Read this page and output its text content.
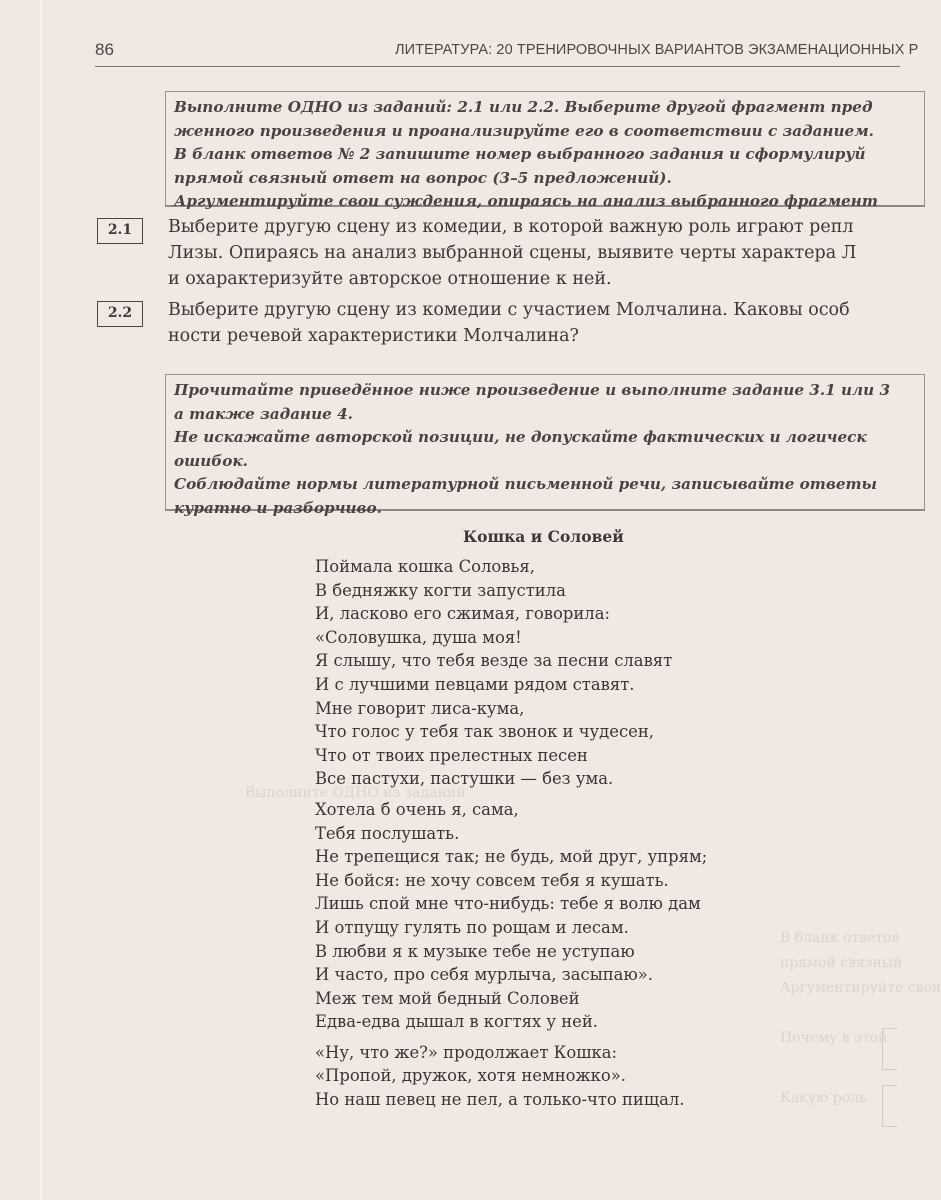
Выполните ОДНО из заданий
В бланк ответов
прямой связный
Аргументируйте свои
Почему в этой
Какую роль
86	ЛИТЕРАТУРА: 20 ТРЕНИРОВОЧНЫХ ВАРИАНТОВ ЭКЗАМЕНАЦИОННЫХ Р
Выполните ОДНО из заданий: 2.1 или 2.2. Выберите другой фрагмент пред
женного произведения и проанализируйте его в соответствии с заданием.
В бланк ответов № 2 запишите номер выбранного задания и сформулируй
прямой связный ответ на вопрос (3–5 предложений).
Аргументируйте свои суждения, опираясь на анализ выбранного фрагмент
2.1	Выберите другую сцену из комедии, в которой важную роль играют репл
Лизы. Опираясь на анализ выбранной сцены, выявите черты характера Л
и охарактеризуйте авторское отношение к ней.
2.2	Выберите другую сцену из комедии с участием Молчалина. Каковы особ
ности речевой характеристики Молчалина?
Прочитайте приведённое ниже произведение и выполните задание 3.1 или 3
а также задание 4.
Не искажайте авторской позиции, не допускайте фактических и логическ
ошибок.
Соблюдайте нормы литературной письменной речи, записывайте ответы
куратно и разборчиво.
Кошка и Соловей
Поймала кошка Соловья,
В бедняжку когти запустила
И, ласково его сжимая, говорила:
«Соловушка, душа моя!
Я слышу, что тебя везде за песни славят
И с лучшими певцами рядом ставят.
Мне говорит лиса-кума,
Что голос у тебя так звонок и чудесен,
Что от твоих прелестных песен
Все пастухи, пастушки — без ума.
Хотела б очень я, сама,
Тебя послушать.
Не трепещися так; не будь, мой друг, упрям;
Не бойся: не хочу совсем тебя я кушать.
Лишь спой мне что-нибудь: тебе я волю дам
И отпущу гулять по рощам и лесам.
В любви я к музыке тебе не уступаю
И часто, про себя мурлыча, засыпаю».
Меж тем мой бедный Соловей
Едва-едва дышал в когтях у ней.
«Ну, что же?» продолжает Кошка:
«Пропой, дружок, хотя немножко».
Но наш певец не пел, а только-что пищал.
